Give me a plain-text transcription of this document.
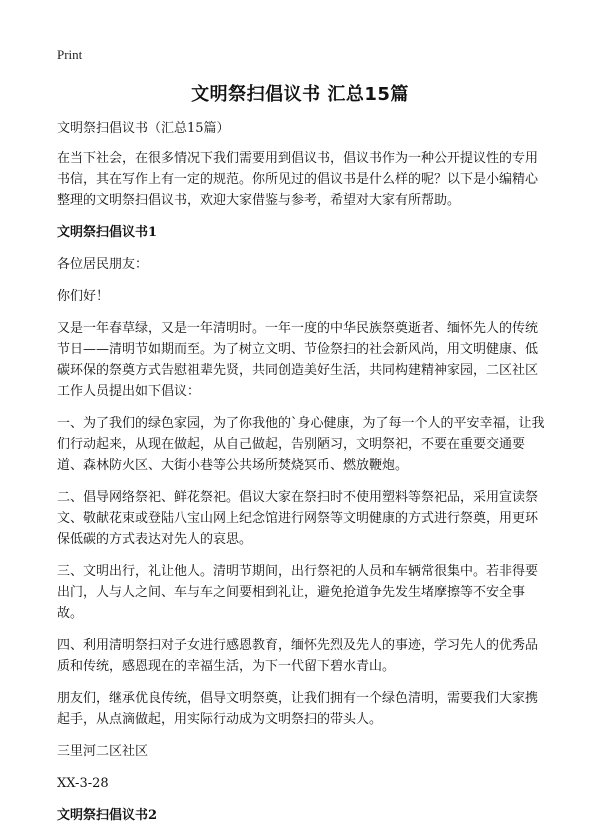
Print
文明祭扫倡议书 汇总15篇

文明祭扫倡议书（汇总15篇）

在当下社会，在很多情况下我们需要用到倡议书，倡议书作为一种公开提议性的专用书信，其在写作上有一定的规范。你所见过的倡议书是什么样的呢？以下是小编精心整理的文明祭扫倡议书，欢迎大家借鉴与参考，希望对大家有所帮助。

文明祭扫倡议书1

各位居民朋友：

你们好！

又是一年春草绿，又是一年清明时。一年一度的中华民族祭奠逝者、缅怀先人的传统节日——清明节如期而至。为了树立文明、节俭祭扫的社会新风尚，用文明健康、低碳环保的祭奠方式告慰祖辈先贤，共同创造美好生活，共同构建精神家园，二区社区工作人员提出如下倡议：

一、为了我们的绿色家园，为了你我他的`身心健康，为了每一个人的平安幸福，让我们行动起来，从现在做起，从自己做起，告别陋习，文明祭祀，不要在重要交通要道、森林防火区、大街小巷等公共场所焚烧冥币、燃放鞭炮。

二、倡导网络祭祀、鲜花祭祀。倡议大家在祭扫时不使用塑料等祭祀品，采用宣读祭文、敬献花束或登陆八宝山网上纪念馆进行网祭等文明健康的方式进行祭奠，用更环保低碳的方式表达对先人的哀思。

三、文明出行，礼让他人。清明节期间，出行祭祀的人员和车辆常很集中。若非得要出门，人与人之间、车与车之间要相到礼让，避免抢道争先发生堵摩擦等不安全事故。

四、利用清明祭扫对子女进行感恩教育，缅怀先烈及先人的事迹，学习先人的优秀品质和传统，感恩现在的幸福生活，为下一代留下碧水青山。

朋友们，继承优良传统，倡导文明祭奠，让我们拥有一个绿色清明，需要我们大家携起手，从点滴做起，用实际行动成为文明祭扫的带头人。

三里河二区社区

XX-3-28

文明祭扫倡议书2
